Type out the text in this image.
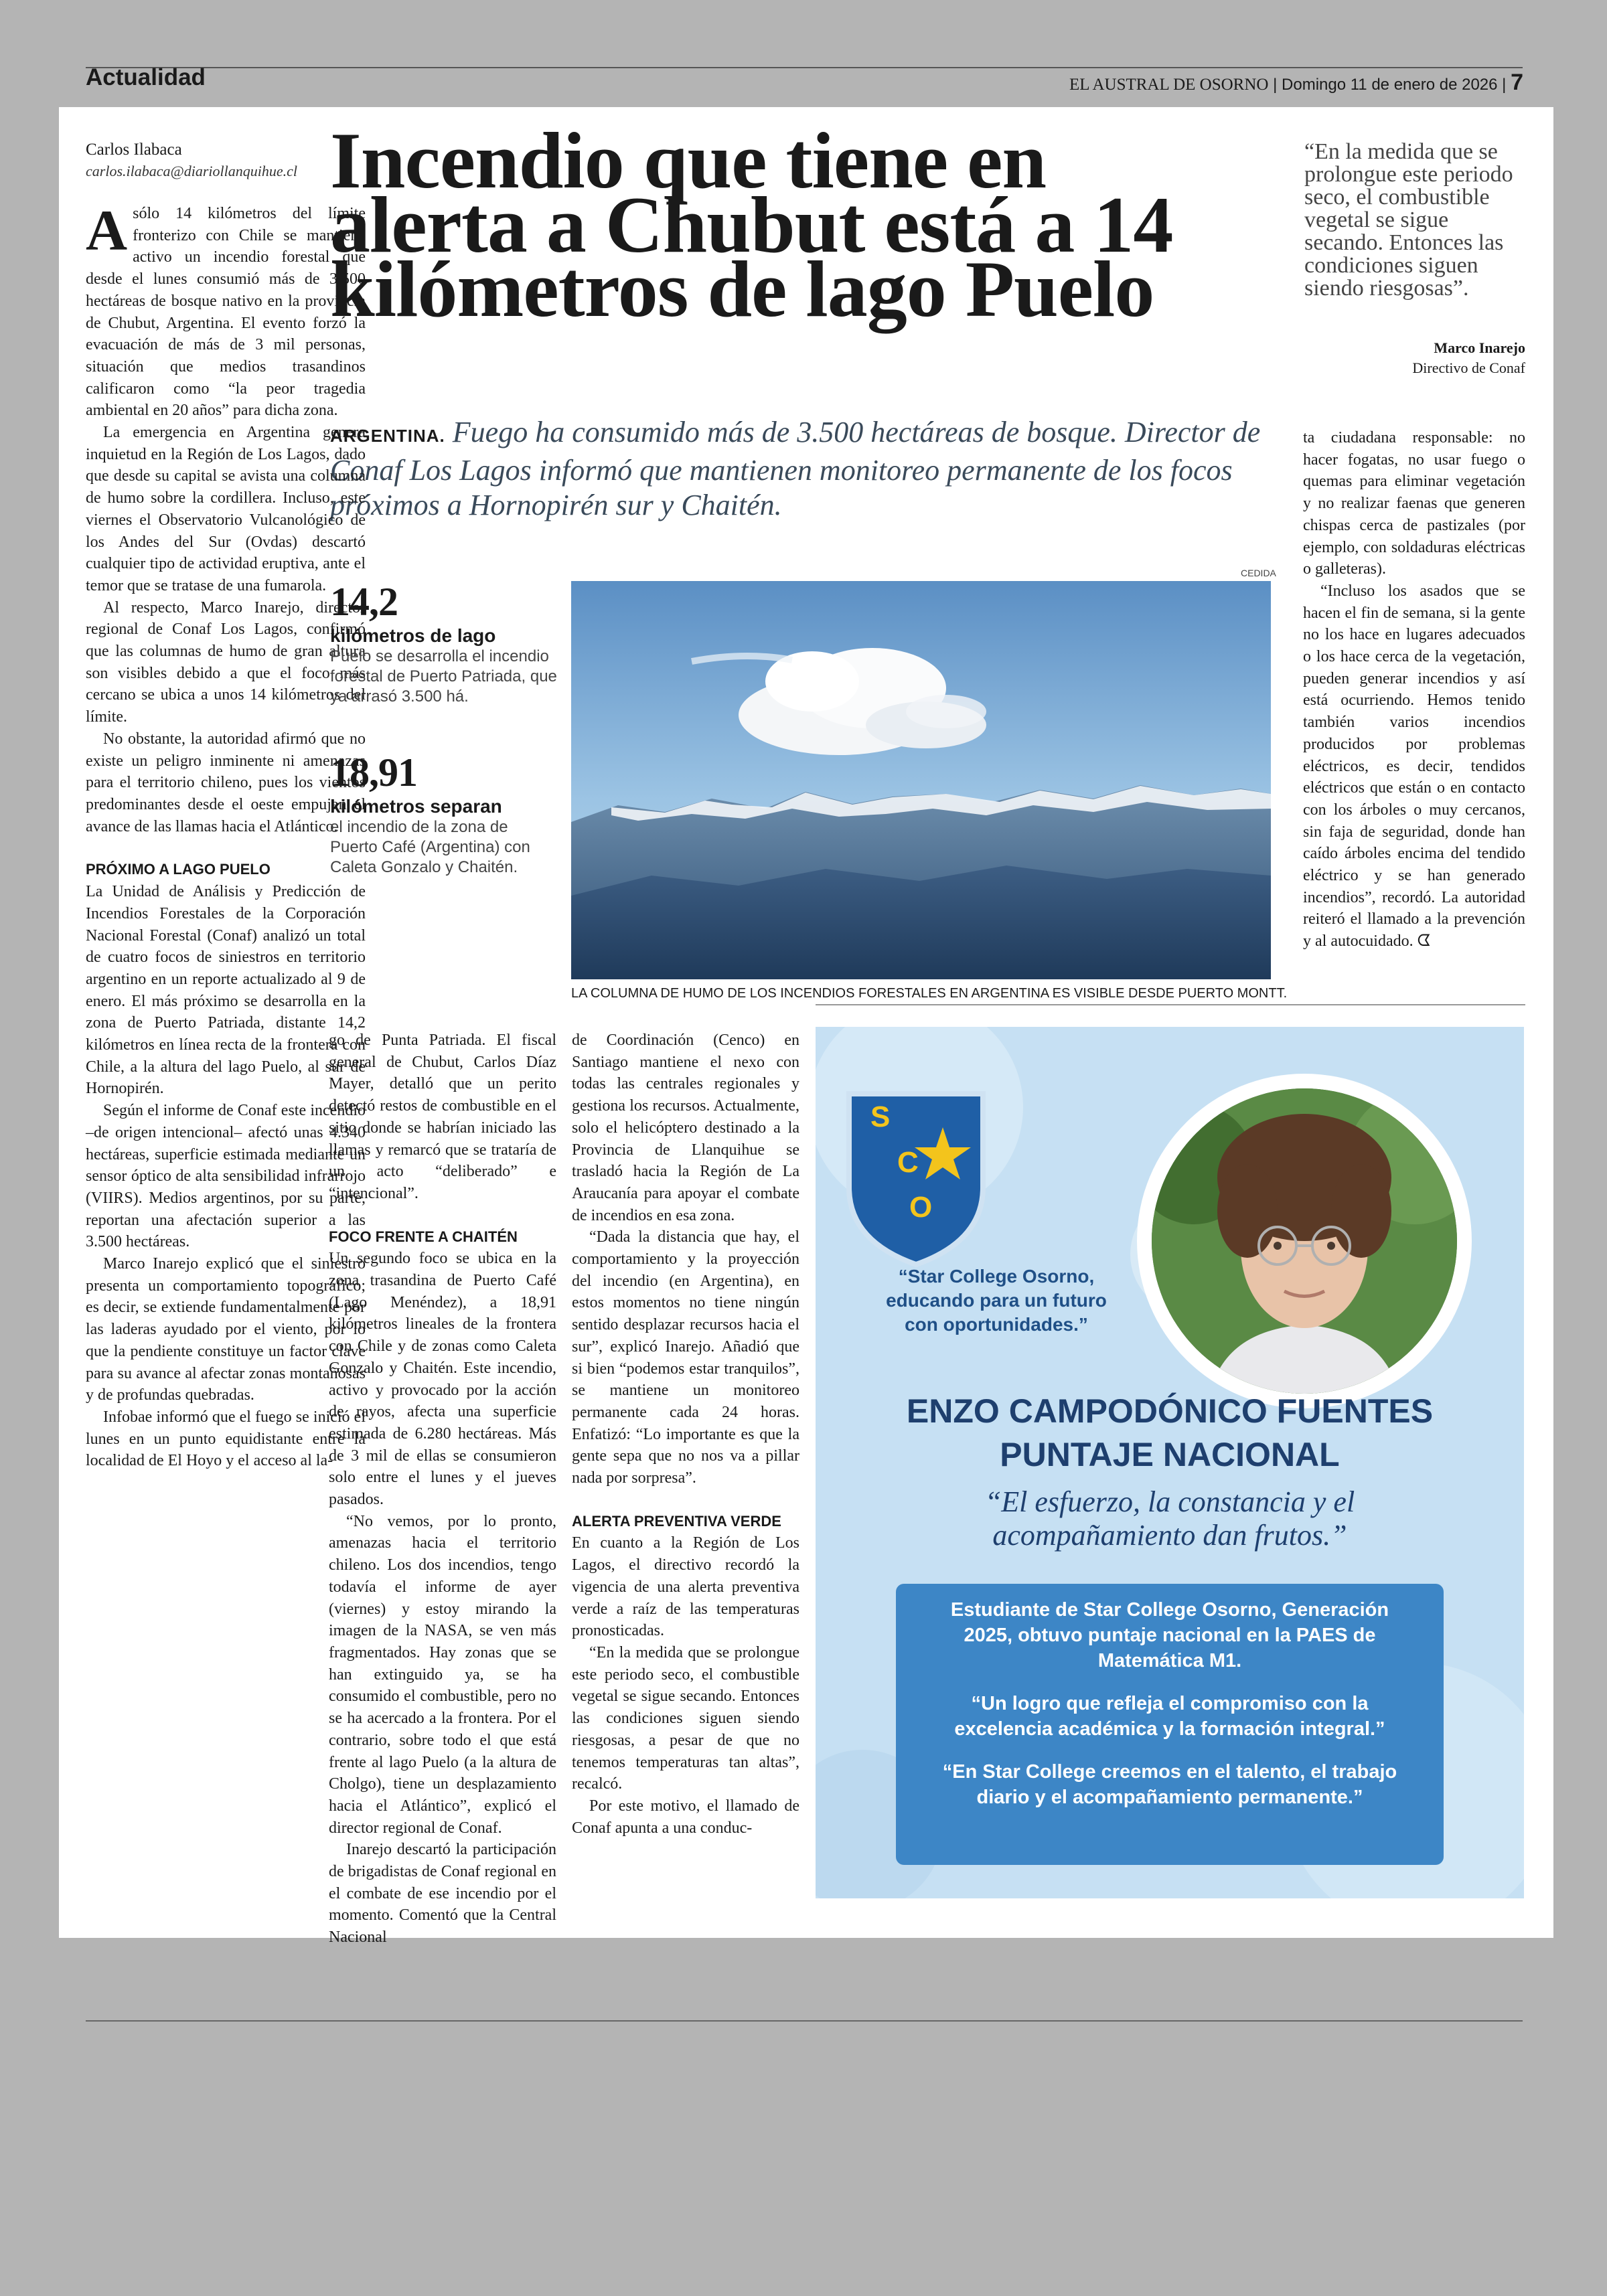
Actualidad	EL AUSTRAL DE OSORNO | Domingo 11 de enero de 2026 | 7
Carlos Ilabaca
carlos.ilabaca@diariollanquihue.cl Incendio que tiene en
alerta a Chubut está a 14
kilómetros de lago Puelo
“En la medida que se prolongue este periodo seco, el combustible vegetal se sigue secando. Entonces las condiciones siguen siendo riesgosas”.
Marco Inarejo
Directivo de Conaf
ARGENTINA. Fuego ha consumido más de 3.500 hectáreas de bosque. Director de Conaf Los Lagos informó que mantienen monitoreo permanente de los focos próximos a Hornopirén sur y Chaitén.

Asólo 14 kilómetros del límite fronterizo con Chile se mantiene activo un incendio forestal que desde el lunes consumió más de 3.500 hectáreas de bosque nativo en la provincia de Chubut, Argentina. El evento forzó la evacuación de más de 3 mil personas, situación que medios trasandinos calificaron como “la peor tragedia ambiental en 20 años” para dicha zona.

La emergencia en Argentina genera inquietud en la Región de Los Lagos, dado que desde su capital se avista una columna de humo sobre la cordillera. Incluso, este viernes el Observatorio Vulcanológico de los Andes del Sur (Ovdas) descartó cualquier tipo de actividad eruptiva, ante el temor que se tratase de una fumarola.

Al respecto, Marco Inarejo, director regional de Conaf Los Lagos, confirmó que las columnas de humo de gran altura son visibles debido a que el foco más cercano se ubica a unos 14 kilómetros del límite.

No obstante, la autoridad afirmó que no existe un peligro inminente ni amenazas para el territorio chileno, pues los vientos predominantes desde el oeste empujan el avance de las llamas hacia el Atlántico.

PRÓXIMO A LAGO PUELO

La Unidad de Análisis y Predicción de Incendios Forestales de la Corporación Nacional Forestal (Conaf) analizó un total de cuatro focos de siniestros en territorio argentino en un reporte actualizado al 9 de enero. El más próximo se desarrolla en la zona de Puerto Patriada, distante 14,2 kilómetros en línea recta de la frontera con Chile, a la altura del lago Puelo, al sur de Hornopirén.

Según el informe de Conaf este incendio –de origen intencional– afectó unas 4.340 hectáreas, superficie estimada mediante un sensor óptico de alta sensibilidad infrarrojo (VIIRS). Medios argentinos, por su parte, reportan una afectación superior a las 3.500 hectáreas.

Marco Inarejo explicó que el siniestro presenta un comportamiento topográfico; es decir, se extiende fundamentalmente por las laderas ayudado por el viento, por lo que la pendiente constituye un factor clave para su avance al afectar zonas montañosas y de profundas quebradas.

Infobae informó que el fuego se inició el lunes en un punto equidistante entre la localidad de El Hoyo y el acceso al la-

14,2
kilómetros de lago
Puelo se desarrolla el incendio forestal de Puerto Patriada, que ya arrasó 3.500 há.
18,91
kilómetros separan
el incendio de la zona de Puerto Café (Argentina) con Caleta Gonzalo y Chaitén.
CEDIDA
LA COLUMNA DE HUMO DE LOS INCENDIOS FORESTALES EN ARGENTINA ES VISIBLE DESDE PUERTO MONTT.

go de Punta Patriada. El fiscal general de Chubut, Carlos Díaz Mayer, detalló que un perito detectó restos de combustible en el sitio donde se habrían iniciado las llamas y remarcó que se trataría de un acto “deliberado” e “intencional”.

FOCO FRENTE A CHAITÉN

Un segundo foco se ubica en la zona trasandina de Puerto Café (Lago Menéndez), a 18,91 kilómetros lineales de la frontera con Chile y de zonas como Caleta Gonzalo y Chaitén. Este incendio, activo y provocado por la acción de rayos, afecta una superficie estimada de 6.280 hectáreas. Más de 3 mil de ellas se consumieron solo entre el lunes y el jueves pasados.

“No vemos, por lo pronto, amenazas hacia el territorio chileno. Los dos incendios, tengo todavía el informe de ayer (viernes) y estoy mirando la imagen de la NASA, se ven más fragmentados. Hay zonas que se han extinguido ya, se ha consumido el combustible, pero no se ha acercado a la frontera. Por el contrario, sobre todo el que está frente al lago Puelo (a la altura de Cholgo), tiene un desplazamiento hacia el Atlántico”, explicó el director regional de Conaf.

Inarejo descartó la participación de brigadistas de Conaf regional en el combate de ese incendio por el momento. Comentó que la Central Nacional

de Coordinación (Cenco) en Santiago mantiene el nexo con todas las centrales regionales y gestiona los recursos. Actualmente, solo el helicóptero destinado a la Provincia de Llanquihue se trasladó hacia la Región de La Araucanía para apoyar el combate de incendios en esa zona.

“Dada la distancia que hay, el comportamiento y la proyección del incendio (en Argentina), en estos momentos no tiene ningún sentido desplazar recursos hacia el sur”, explicó Inarejo. Añadió que si bien “podemos estar tranquilos”, se mantiene un monitoreo permanente cada 24 horas. Enfatizó: “Lo importante es que la gente sepa que no nos va a pillar nada por sorpresa”.

ALERTA PREVENTIVA VERDE

En cuanto a la Región de Los Lagos, el directivo recordó la vigencia de una alerta preventiva verde a raíz de las temperaturas pronosticadas.

“En la medida que se prolongue este periodo seco, el combustible vegetal se sigue secando. Entonces las condiciones siguen siendo riesgosas, a pesar de que no tenemos temperaturas tan altas”, recalcó.

Por este motivo, el llamado de Conaf apunta a una conduc-

ta ciudadana responsable: no hacer fogatas, no usar fuego o quemas para eliminar vegetación y no realizar faenas que generen chispas cerca de pastizales (por ejemplo, con soldaduras eléctricas o galleteras).

“Incluso los asados que se hacen el fin de semana, si la gente no los hace en lugares adecuados o los hace cerca de la vegetación, pueden generar incendios y así está ocurriendo. Hemos tenido también varios incendios producidos por problemas eléctricos, es decir, tendidos eléctricos que están o en contacto con los árboles o muy cercanos, sin faja de seguridad, donde han caído árboles encima del tendido eléctrico y se han generado incendios”, recordó. La autoridad reiteró el llamado a la prevención y al autocuidado. ᗧ

S
C
O
“Star College Osorno,
educando para un futuro
con oportunidades.”
ENZO CAMPODÓNICO FUENTES
PUNTAJE NACIONAL
“El esfuerzo, la constancia y el
acompañamiento dan frutos.”
Estudiante de Star College Osorno, Generación
2025, obtuvo puntaje nacional en la PAES de
Matemática M1.
“Un logro que refleja el compromiso con la
excelencia académica y la formación integral.”
“En Star College creemos en el talento, el trabajo
diario y el acompañamiento permanente.”
